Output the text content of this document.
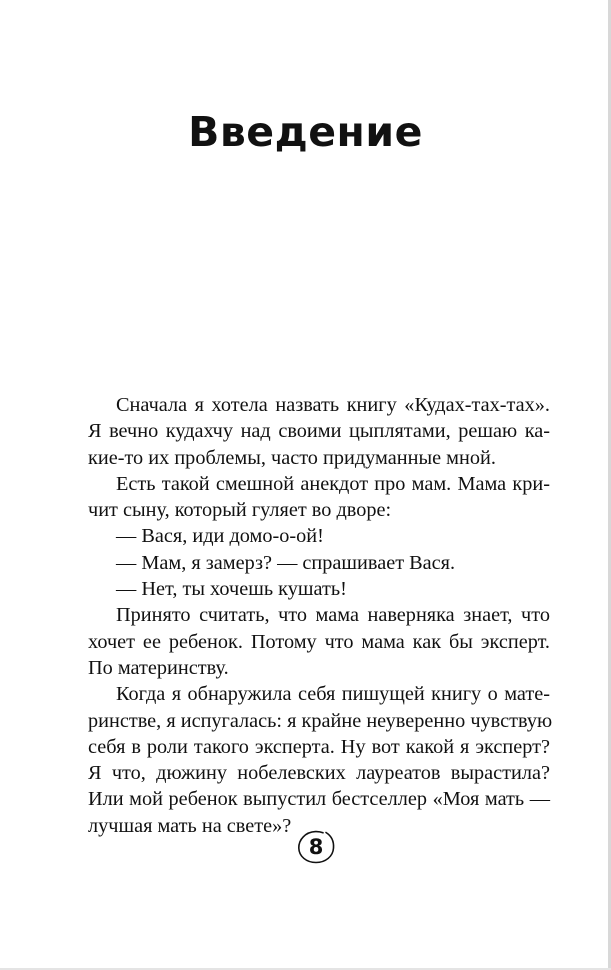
Введение
Сначала я хотела назвать книгу «Кудах-тах-тах».
Я вечно кудахчу над своими цыплятами, решаю ка-
кие-то их проблемы, часто придуманные мной.
Есть такой смешной анекдот про мам. Мама кри-
чит сыну, который гуляет во дворе:
— Вася, иди домо-о-ой!
— Мам, я замерз? — спрашивает Вася.
— Нет, ты хочешь кушать!
Принято считать, что мама наверняка знает, что
хочет ее ребенок. Потому что мама как бы эксперт.
По материнству.
Когда я обнаружила себя пишущей книгу о мате-
ринстве, я испугалась: я крайне неуверенно чувствую
себя в роли такого эксперта. Ну вот какой я эксперт?
Я что, дюжину нобелевских лауреатов вырастила?
Или мой ребенок выпустил бестселлер «Моя мать —
лучшая мать на свете»?
8
